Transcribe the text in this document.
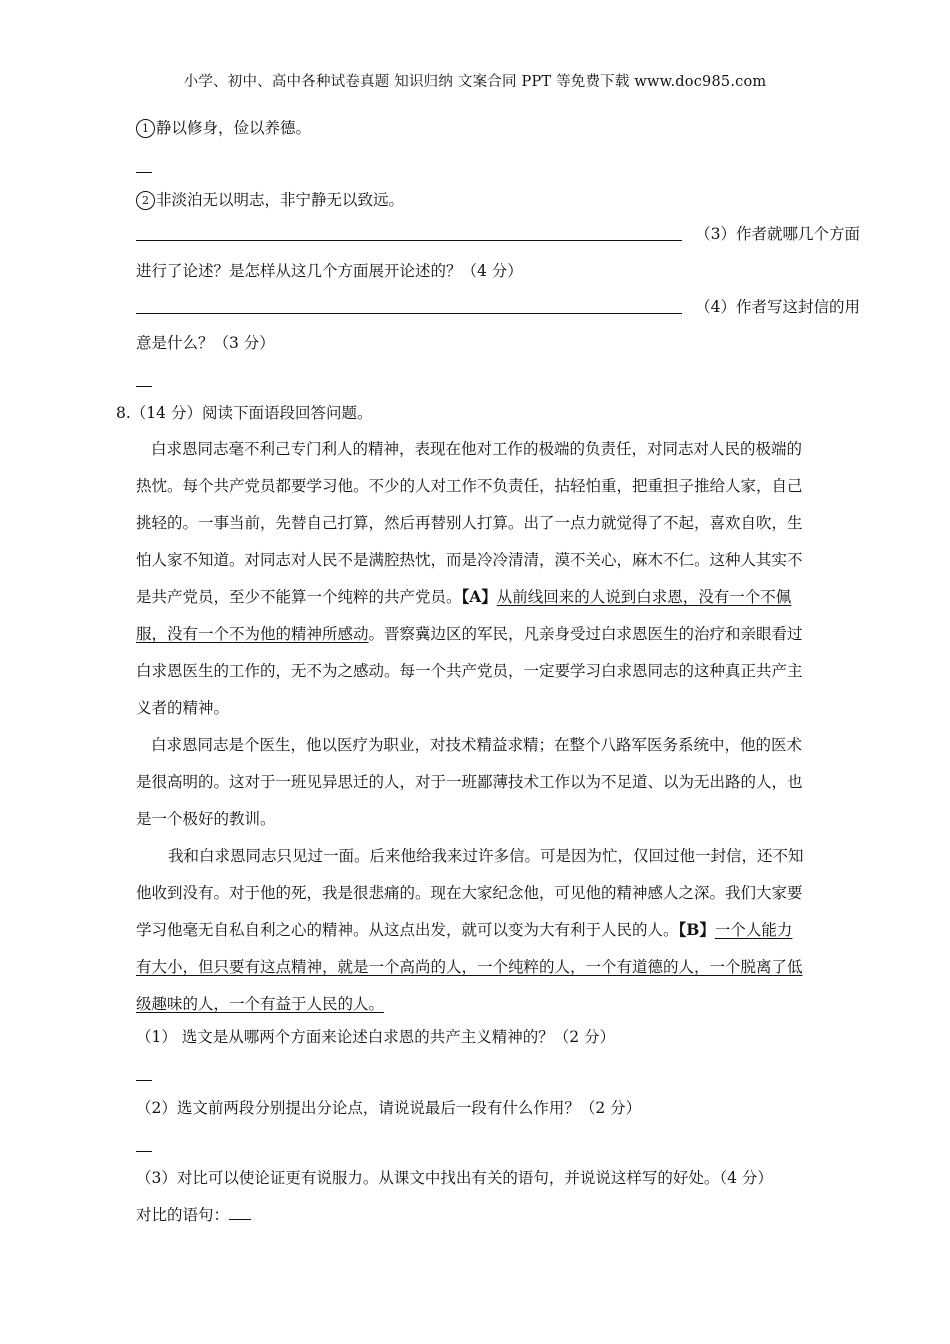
小学、初中、高中各种试卷真题 知识归纳 文案合同 PPT 等免费下载 www.doc985.com
1 静以修身，俭以养德。
2 非淡泊无以明志，非宁静无以致远。
（3）作者就哪几个方面
进行了论述？是怎样从这几个方面展开论述的？（4 分）
（4）作者写这封信的用
意是什么？（3 分）
8.（14 分）阅读下面语段回答问题。
白求恩同志毫不利己专门利人的精神，表现在他对工作的极端的负责任，对同志对人民的极端的
热忱。每个共产党员都要学习他。不少的人对工作不负责任，拈轻怕重，把重担子推给人家，自己
挑轻的。一事当前，先替自己打算，然后再替别人打算。出了一点力就觉得了不起，喜欢自吹，生
怕人家不知道。对同志对人民不是满腔热忱，而是冷冷清清，漠不关心，麻木不仁。这种人其实不
是共产党员，至少不能算一个纯粹的共产党员。【A】从前线回来的人说到白求恩，没有一个不佩
服，没有一个不为他的精神所感动。晋察冀边区的军民，凡亲身受过白求恩医生的治疗和亲眼看过
白求恩医生的工作的，无不为之感动。每一个共产党员，一定要学习白求恩同志的这种真正共产主
义者的精神。
白求恩同志是个医生，他以医疗为职业，对技术精益求精；在整个八路军医务系统中，他的医术
是很高明的。这对于一班见异思迁的人，对于一班鄙薄技术工作以为不足道、以为无出路的人，也
是一个极好的教训。
我和白求恩同志只见过一面。后来他给我来过许多信。可是因为忙，仅回过他一封信，还不知
他收到没有。对于他的死，我是很悲痛的。现在大家纪念他，可见他的精神感人之深。我们大家要
学习他毫无自私自利之心的精神。从这点出发，就可以变为大有利于人民的人。【B】一个人能力
有大小，但只要有这点精神，就是一个高尚的人，一个纯粹的人，一个有道德的人，一个脱离了低
级趣味的人，一个有益于人民的人。
（1） 选文是从哪两个方面来论述白求恩的共产主义精神的？（2 分）
（2）选文前两段分别提出分论点，请说说最后一段有什么作用？（2 分）
（3）对比可以使论证更有说服力。从课文中找出有关的语句，并说说这样写的好处。（4 分）
对比的语句：
